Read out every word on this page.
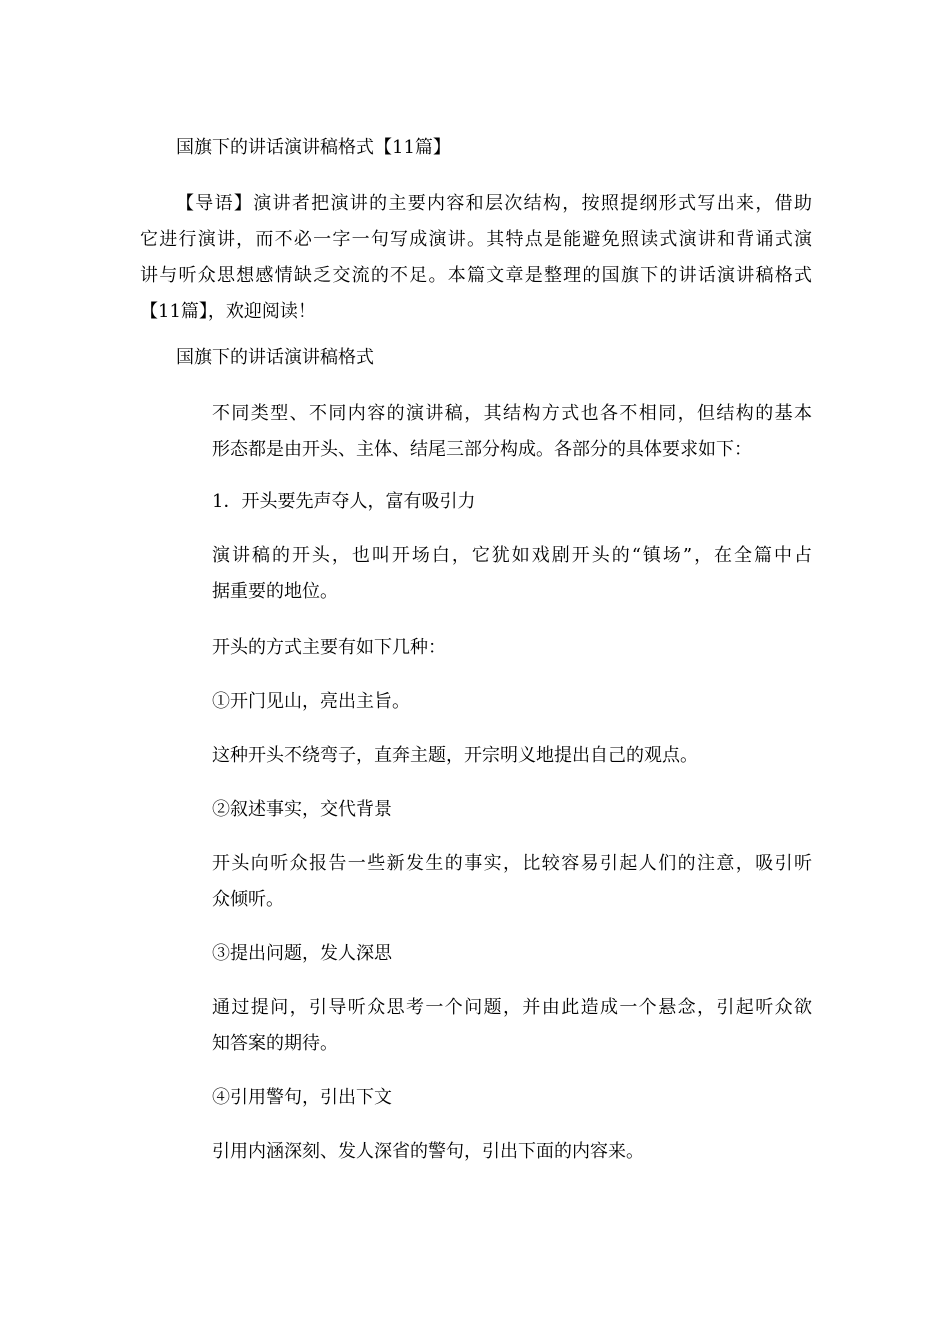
国旗下的讲话演讲稿格式【11篇】
【导语】演讲者把演讲的主要内容和层次结构，按照提纲形式写出来，借助
它进行演讲，而不必一字一句写成演讲。其特点是能避免照读式演讲和背诵式演
讲与听众思想感情缺乏交流的不足。本篇文章是整理的国旗下的讲话演讲稿格式
【11篇】，欢迎阅读！
国旗下的讲话演讲稿格式
不同类型、不同内容的演讲稿，其结构方式也各不相同，但结构的基本
形态都是由开头、主体、结尾三部分构成。各部分的具体要求如下：
1．开头要先声夺人，富有吸引力
演讲稿的开头，也叫开场白，它犹如戏剧开头的“镇场”，在全篇中占
据重要的地位。
开头的方式主要有如下几种：
①开门见山，亮出主旨。
这种开头不绕弯子，直奔主题，开宗明义地提出自己的观点。
②叙述事实，交代背景
开头向听众报告一些新发生的事实，比较容易引起人们的注意，吸引听
众倾听。
③提出问题，发人深思
通过提问，引导听众思考一个问题，并由此造成一个悬念，引起听众欲
知答案的期待。
④引用警句，引出下文
引用内涵深刻、发人深省的警句，引出下面的内容来。
